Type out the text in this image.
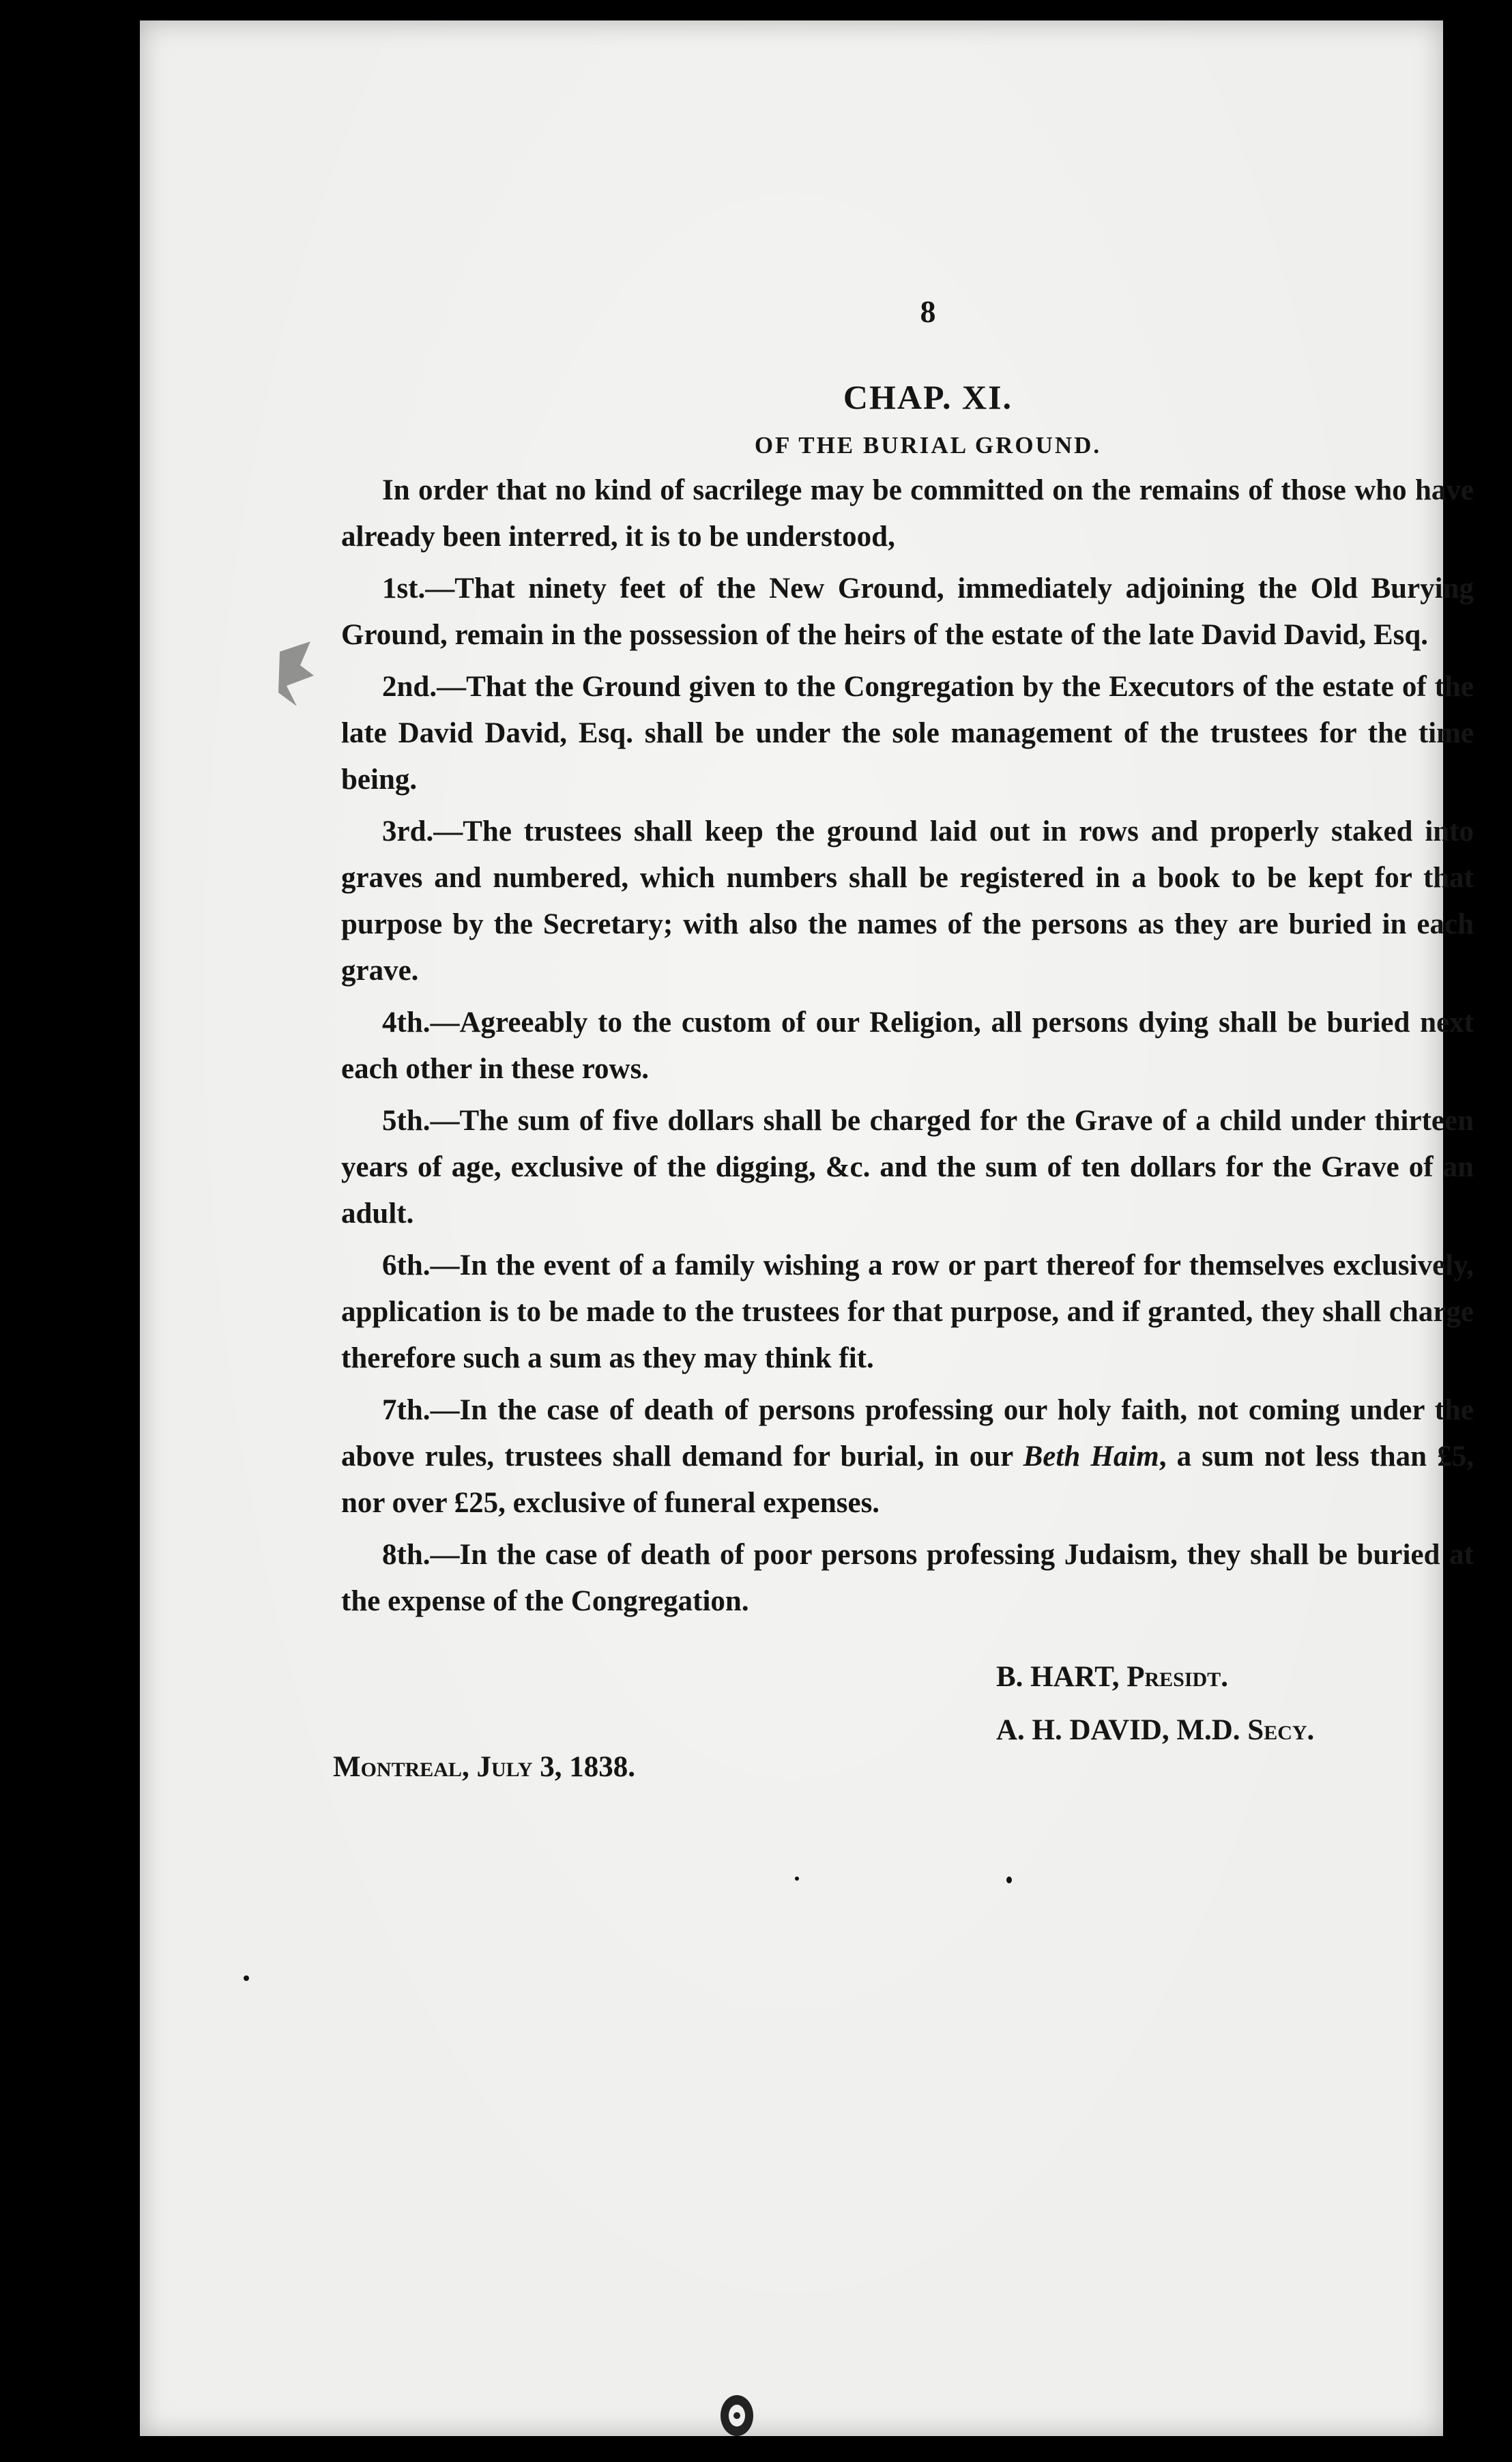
8
CHAP. XI.
OF THE BURIAL GROUND.

In order that no kind of sacrilege may be committed on the remains of those who have already been interred, it is to be understood,

1st.—That ninety feet of the New Ground, immediately adjoining the Old Burying Ground, remain in the possession of the heirs of the estate of the late David David, Esq.

2nd.—That the Ground given to the Congregation by the Executors of the estate of the late David David, Esq. shall be under the sole management of the trustees for the time being.

3rd.—The trustees shall keep the ground laid out in rows and properly staked into graves and numbered, which numbers shall be registered in a book to be kept for that purpose by the Secretary; with also the names of the persons as they are buried in each grave.

4th.—Agreeably to the custom of our Religion, all persons dying shall be buried next each other in these rows.

5th.—The sum of five dollars shall be charged for the Grave of a child under thirteen years of age, exclusive of the digging, &c. and the sum of ten dollars for the Grave of an adult.

6th.—In the event of a family wishing a row or part thereof for themselves exclusively, application is to be made to the trustees for that purpose, and if granted, they shall charge therefore such a sum as they may think fit.

7th.—In the case of death of persons professing our holy faith, not coming under the above rules, trustees shall demand for burial, in our Beth Haim, a sum not less than £5, nor over £25, exclusive of funeral expenses.

8th.—In the case of death of poor persons professing Judaism, they shall be buried at the expense of the Congregation.

B. HART, Presidt.
A. H. DAVID, M.D. Secy.
Montreal, July 3, 1838.
